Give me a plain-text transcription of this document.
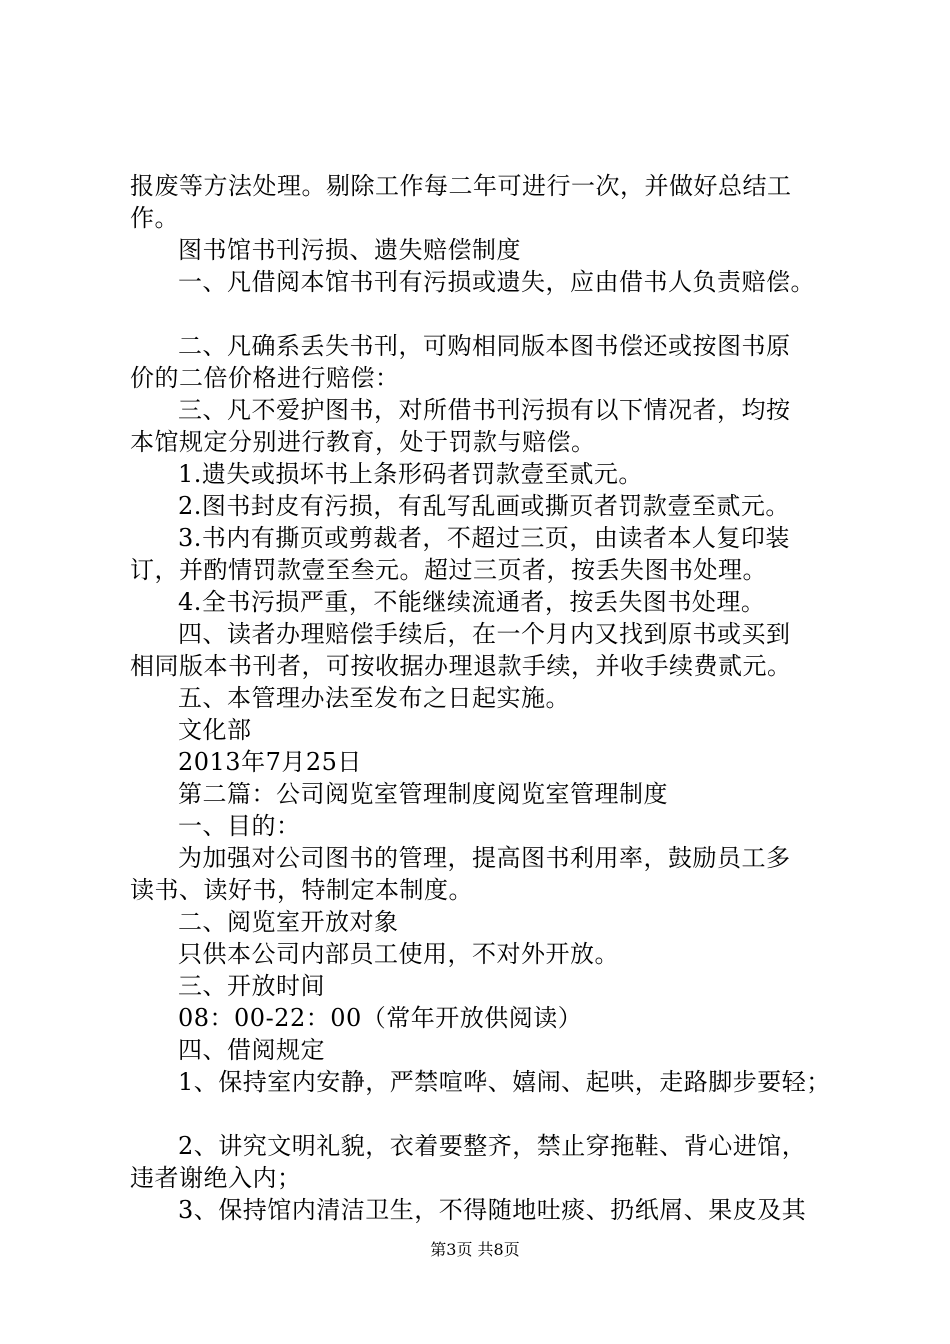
报废等方法处理。剔除工作每二年可进行一次，并做好总结工
作。
图书馆书刊污损、遗失赔偿制度
一、凡借阅本馆书刊有污损或遗失，应由借书人负责赔偿。
二、凡确系丢失书刊，可购相同版本图书偿还或按图书原
价的二倍价格进行赔偿：
三、凡不爱护图书，对所借书刊污损有以下情况者，均按
本馆规定分别进行教育，处于罚款与赔偿。
1.遗失或损坏书上条形码者罚款壹至贰元。
2.图书封皮有污损，有乱写乱画或撕页者罚款壹至贰元。
3.书内有撕页或剪裁者，不超过三页，由读者本人复印装
订，并酌情罚款壹至叁元。超过三页者，按丢失图书处理。
4.全书污损严重，不能继续流通者，按丢失图书处理。
四、读者办理赔偿手续后，在一个月内又找到原书或买到
相同版本书刊者，可按收据办理退款手续，并收手续费贰元。
五、本管理办法至发布之日起实施。
文化部
2013年7月25日
第二篇：公司阅览室管理制度阅览室管理制度
一、目的：
为加强对公司图书的管理，提高图书利用率，鼓励员工多
读书、读好书，特制定本制度。
二、阅览室开放对象
只供本公司内部员工使用，不对外开放。
三、开放时间
08：00-22：00（常年开放供阅读）
四、借阅规定
1、保持室内安静，严禁喧哗、嬉闹、起哄，走路脚步要轻；
2、讲究文明礼貌，衣着要整齐，禁止穿拖鞋、背心进馆，
违者谢绝入内；
3、保持馆内清洁卫生，不得随地吐痰、扔纸屑、果皮及其
第3页 共8页
